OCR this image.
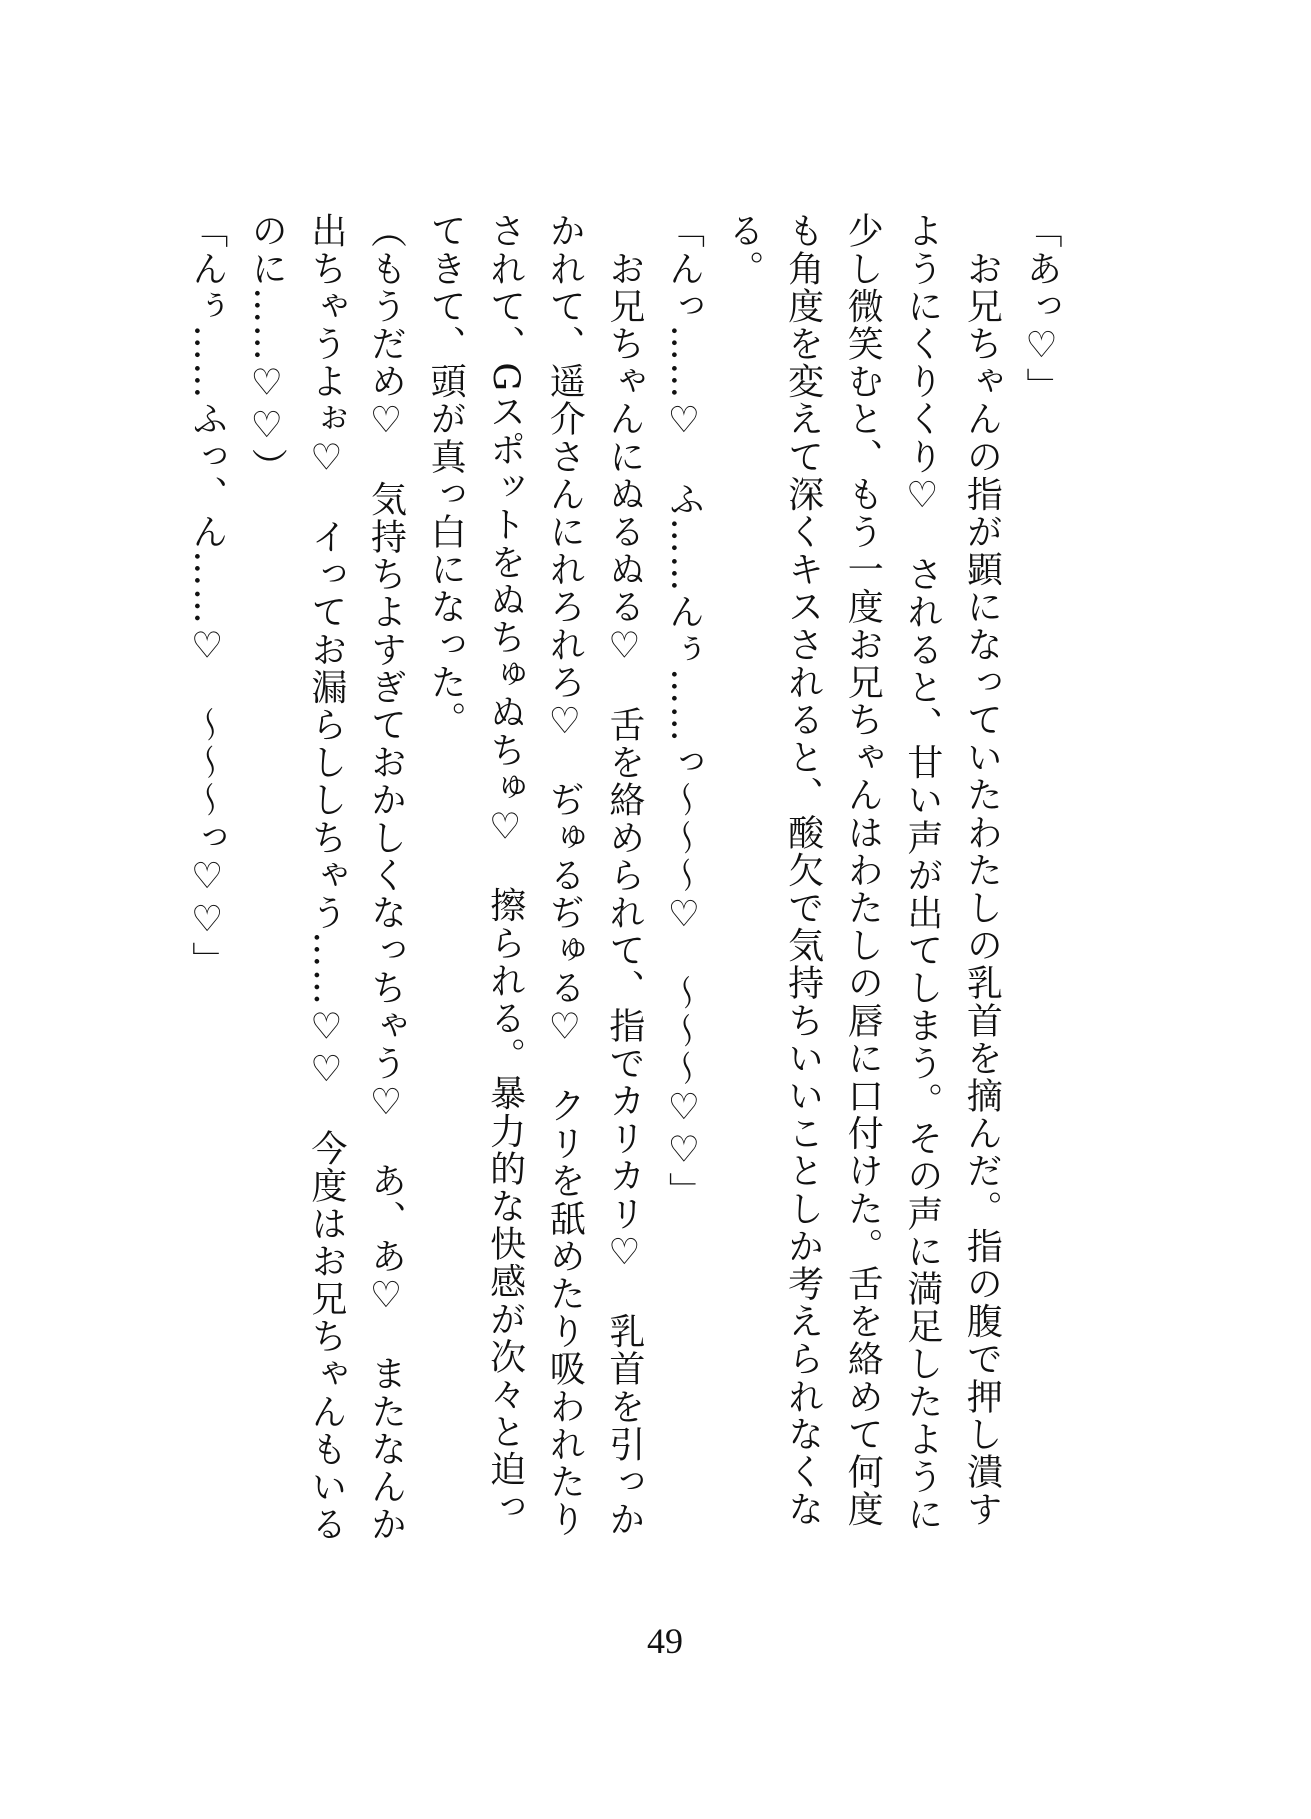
「あっ♡」
　お兄ちゃんの指が顕になっていたわたしの乳首を摘んだ。指の腹で押し潰す
ようにくりくり♡　されると、甘い声が出てしまう。その声に満足したように
少し微笑むと、もう一度お兄ちゃんはわたしの唇に口付けた。舌を絡めて何度
も角度を変えて深くキスされると、酸欠で気持ちいいことしか考えられなくな
る。
「んっ……♡　ふ……んぅ……っ〜〜〜♡　〜〜〜♡♡」
　お兄ちゃんにぬるぬる♡　舌を絡められて、指でカリカリ♡　乳首を引っか
かれて、遥介さんにれろれろ♡　ぢゅるぢゅる♡　クリを舐めたり吸われたり
されて、Gスポットをぬちゅぬちゅ♡　擦られる。暴力的な快感が次々と迫っ
てきて、頭が真っ白になった。
（もうだめ♡　気持ちよすぎておかしくなっちゃう♡　あ、あ♡　またなんか
出ちゃうよぉ♡　イってお漏らししちゃう……♡♡　今度はお兄ちゃんもいる
のに……♡♡）
「んぅ……ふっ、ん……♡　〜〜〜っ♡♡」
49
